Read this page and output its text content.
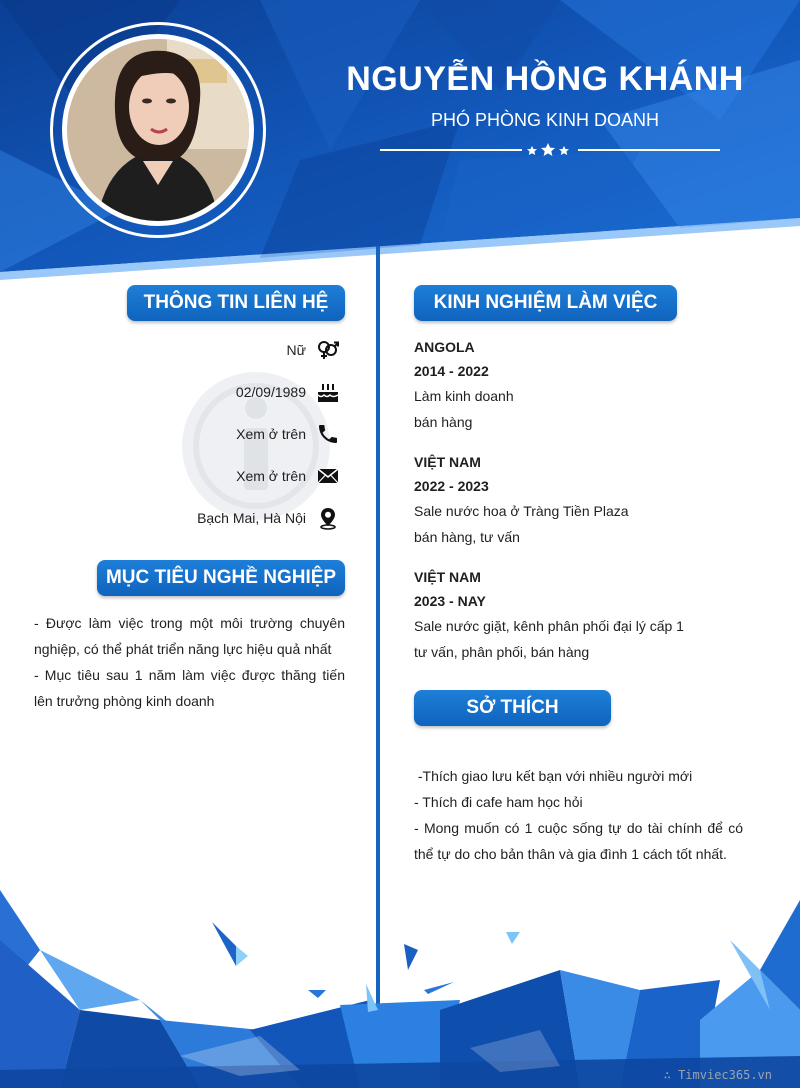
NGUYỄN HỒNG KHÁNH
PHÓ PHÒNG KINH DOANH
THÔNG TIN LIÊN HỆ
Nữ
02/09/1989
Xem ở trên
Xem ở trên
Bạch Mai, Hà Nội
MỤC TIÊU NGHỀ NGHIỆP
- Được làm việc trong một môi trường chuyên nghiệp, có thể phát triển năng lực hiệu quả nhất
- Mục tiêu sau 1 năm làm việc được thăng tiến lên trưởng phòng kinh doanh
KINH NGHIỆM LÀM VIỆC
ANGOLA
2014 - 2022
Làm kinh doanh
bán hàng
VIỆT NAM
2022 - 2023
Sale nước hoa ở Tràng Tiền Plaza
bán hàng, tư vấn
VIỆT NAM
2023 - NAY
Sale nước giặt, kênh phân phối đại lý cấp 1
tư vấn, phân phối, bán hàng
SỞ THÍCH
-Thích giao lưu kết bạn với nhiều người mới
- Thích đi cafe ham học hỏi
- Mong muốn có 1 cuộc sống tự do tài chính để có thể tự do cho bản thân và gia đình 1 cách tốt nhất.
∴ Timviec365.vn
